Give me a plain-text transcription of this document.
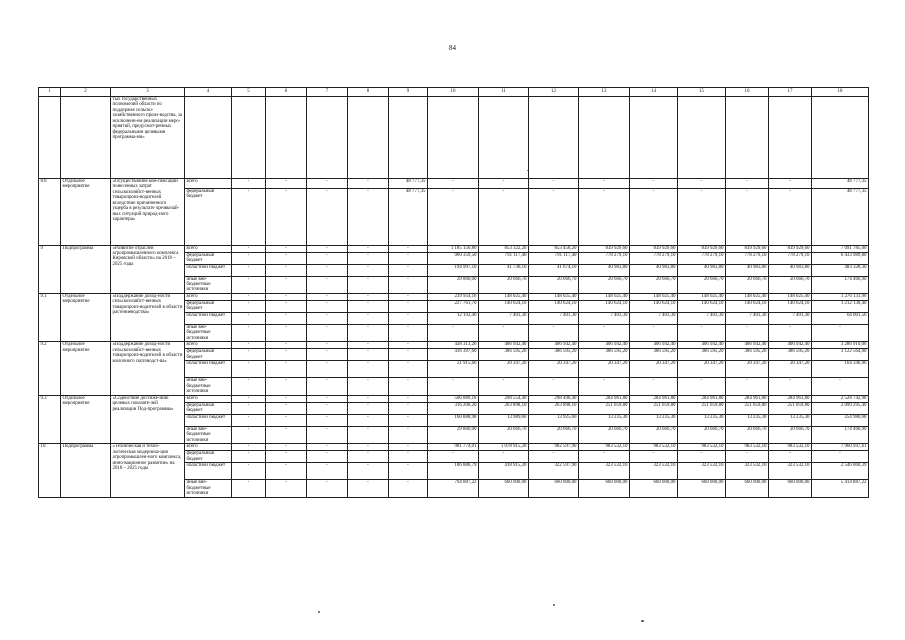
84
1	2	3	4	5	6	7	8	9	10	11	12	13	14	15	16	17	18
		тых государственных полномочий области по поддержке сельско-хозяйственного произ-водства, за исключени-ем реализации меро-приятий, предусмот-ренных федеральными целевыми программа-ми»															
8.8	Отдельное мероприятие	«Осуществление ком-пенсации понесенных затрат сельскохозяйст-венных товаропроиз-водителей вследствие причиненного ущерба в результате чрезвычай-ных ситуаций природ-ного характера»	всего	-	-	-	-	48 777,35	-	-	-	-	-	-	-	-	48 777,35
			федеральный бюджет	-	-	-	-	48 777,35	-	-	-	-	-	-	-	-	48 777,35
9	Подпрограмма	«Развитие отраслей агропромышленного комплекса Кировской области» на 2018 – 2025 годы	всего	-	-	-	-	-	1 185 156,80	853 322,20	853 458,20	839 929,60	839 929,60	839 929,60	839 929,60	839 929,60	7 091 785,00
			федеральный бюджет	-	-	-	-	-	960 359,50	791 117,40	791 117,40	778 279,10	778 279,10	778 279,10	778 279,10	778 279,10	6 433 989,80
			областной бюджет	-	-	-	-	-	194 997,10	41 738,10	41 674,10	40 983,80	40 983,80	40 983,80	40 983,80	40 983,80	483 328,30
			иные вне-бюджетные источники	-	-	-	-	-	29 800,00	20 666,70	20 666,70	20 666,70	20 666,70	20 666,70	20 666,70	20 666,70	174 466,90
9.1	Отдельное мероприятие	«Поддержание доход-ности сельскохозяйст-венных товаропроиз-водителей в области растениеводства»	всего	-	-	-	-	-	239 954,16	148 025,40	148 025,40	148 025,40	148 025,40	148 025,40	148 025,40	148 025,40	1 276 131,96
			федеральный бюджет	-	-	-	-	-	227 761,70	140 624,10	140 624,10	140 624,10	140 624,10	140 624,10	140 624,10	140 624,10	1 212 130,40
			областной бюджет	-	-	-	-	-	12 192,46	7 401,30	7 401,30	7 401,30	7 401,30	7 401,30	7 401,30	7 401,30	64 001,56
			иные вне-бюджетные источники	-	-	-	-	-	-	-	-	-	-	-	-	-	-
9.2	Отдельное мероприятие	«Поддержание доход-ности сельскохозяйст-венных товаропроиз-водителей в области молочного скотоводст-ва»	всего	-	-	-	-	-	438 313,26	406 942,40	406 942,40	406 942,40	406 942,40	406 942,40	406 942,40	406 942,40	3 286 910,06
			федеральный бюджет	-	-	-	-	-	416 397,60	386 595,20	386 595,20	386 595,20	386 595,20	386 595,20	386 595,20	386 595,20	3 122 564,00
			областной бюджет	-	-	-	-	-	21 915,66	20 347,20	20 347,20	20 347,20	20 347,20	20 347,20	20 347,20	20 347,20	164 346,06
			иные вне-бюджетные источники	-	-	-	-	-	-	-	-	-	-	-	-	-	-
9.3	Отдельное мероприятие	«Содействие достиже-нию целевых показате-лей реализации Под-программы»	всего	-	-	-	-	-	506 889,18	298 554,40	298 490,40	284 961,80	284 961,80	284 961,80	284 961,80	284 961,80	2 528 742,98
			федеральный бюджет	-	-	-	-	-	316 200,20	263 898,10	263 898,10	251 059,80	251 059,80	251 059,80	251 059,80	251 059,80	2 099 295,40
			областной бюджет	-	-	-	-	-	160 888,98	13 989,60	13 925,60	13 235,30	13 235,30	13 235,30	13 235,30	13 235,30	254 980,68
			иные вне-бюджетные источники	-	-	-	-	-	29 800,00	20 666,70	20 666,70	20 666,70	20 666,70	20 666,70	20 666,70	20 666,70	174 466,90
10	Подпрограмма	«Техническая и техно-логическая модерниза-ция агропромышлен-ного комплекса, инно-вационное развитие» на 2018 – 2025 годы	всего	-	-	-	-	-	981 774,01	1 078 915,20	982 597,90	983 532,10	983 532,10	983 532,10	983 532,10	983 532,10	7 960 947,61
			федеральный бюджет	-	-	-	-	-	-	-	-	-	-	-	-	-	-
			областной бюджет	-	-	-	-	-	186 886,79	418 915,20	322 597,90	323 532,10	323 532,10	323 532,10	323 532,10	323 532,10	2 546 060,39
			иные вне-бюджетные источники	-	-	-	-	-	794 887,22	660 000,00	660 000,00	660 000,00	660 000,00	660 000,00	660 000,00	660 000,00	5 414 887,22
